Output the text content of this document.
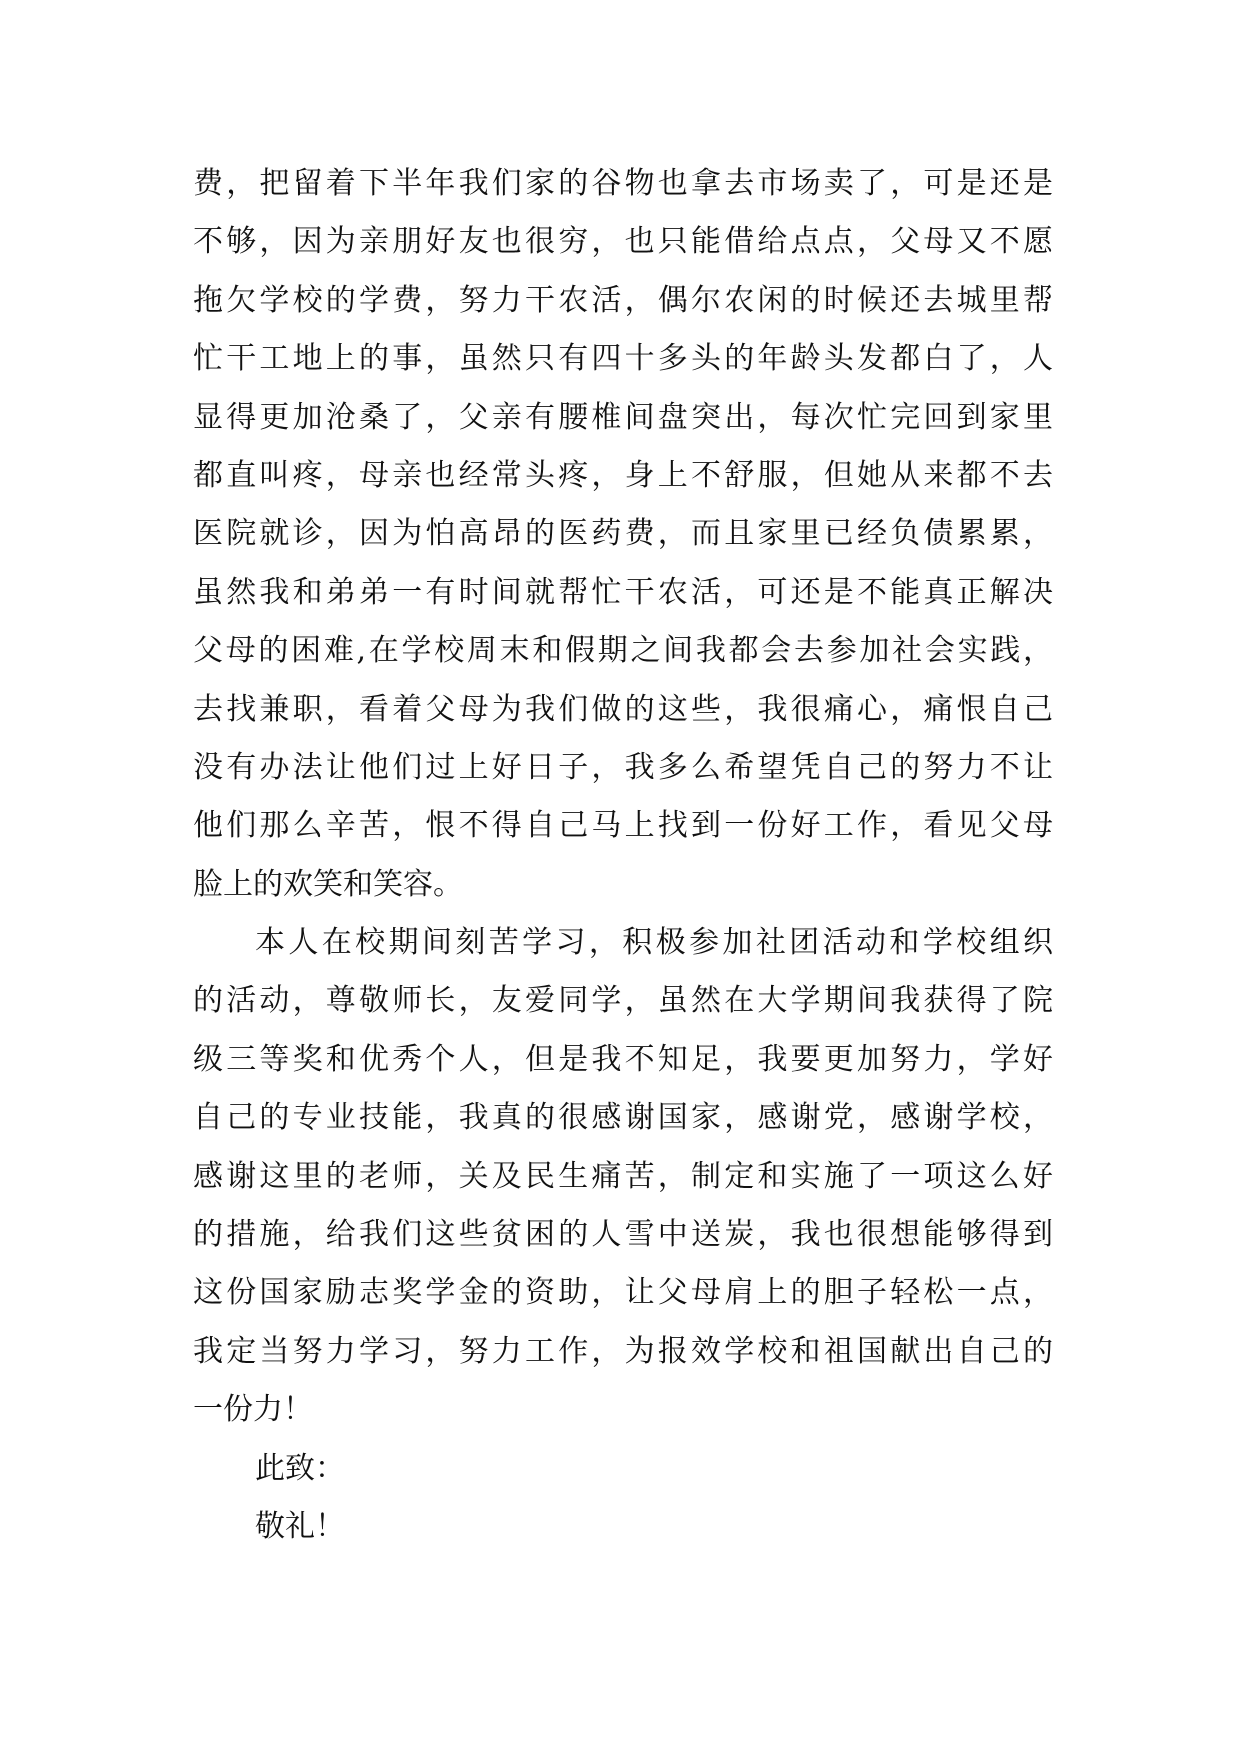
费，把留着下半年我们家的谷物也拿去市场卖了，可是还是
不够，因为亲朋好友也很穷，也只能借给点点，父母又不愿
拖欠学校的学费，努力干农活，偶尔农闲的时候还去城里帮
忙干工地上的事，虽然只有四十多头的年龄头发都白了，人
显得更加沧桑了，父亲有腰椎间盘突出，每次忙完回到家里
都直叫疼，母亲也经常头疼，身上不舒服，但她从来都不去
医院就诊，因为怕高昂的医药费，而且家里已经负债累累，
虽然我和弟弟一有时间就帮忙干农活，可还是不能真正解决
父母的困难,在学校周末和假期之间我都会去参加社会实践，
去找兼职，看着父母为我们做的这些，我很痛心，痛恨自己
没有办法让他们过上好日子，我多么希望凭自己的努力不让
他们那么辛苦，恨不得自己马上找到一份好工作，看见父母
脸上的欢笑和笑容。
本人在校期间刻苦学习，积极参加社团活动和学校组织
的活动，尊敬师长，友爱同学，虽然在大学期间我获得了院
级三等奖和优秀个人，但是我不知足，我要更加努力，学好
自己的专业技能，我真的很感谢国家，感谢党，感谢学校，
感谢这里的老师，关及民生痛苦，制定和实施了一项这么好
的措施，给我们这些贫困的人雪中送炭，我也很想能够得到
这份国家励志奖学金的资助，让父母肩上的胆子轻松一点，
我定当努力学习，努力工作，为报效学校和祖国献出自己的
一份力！
此致：
敬礼！
